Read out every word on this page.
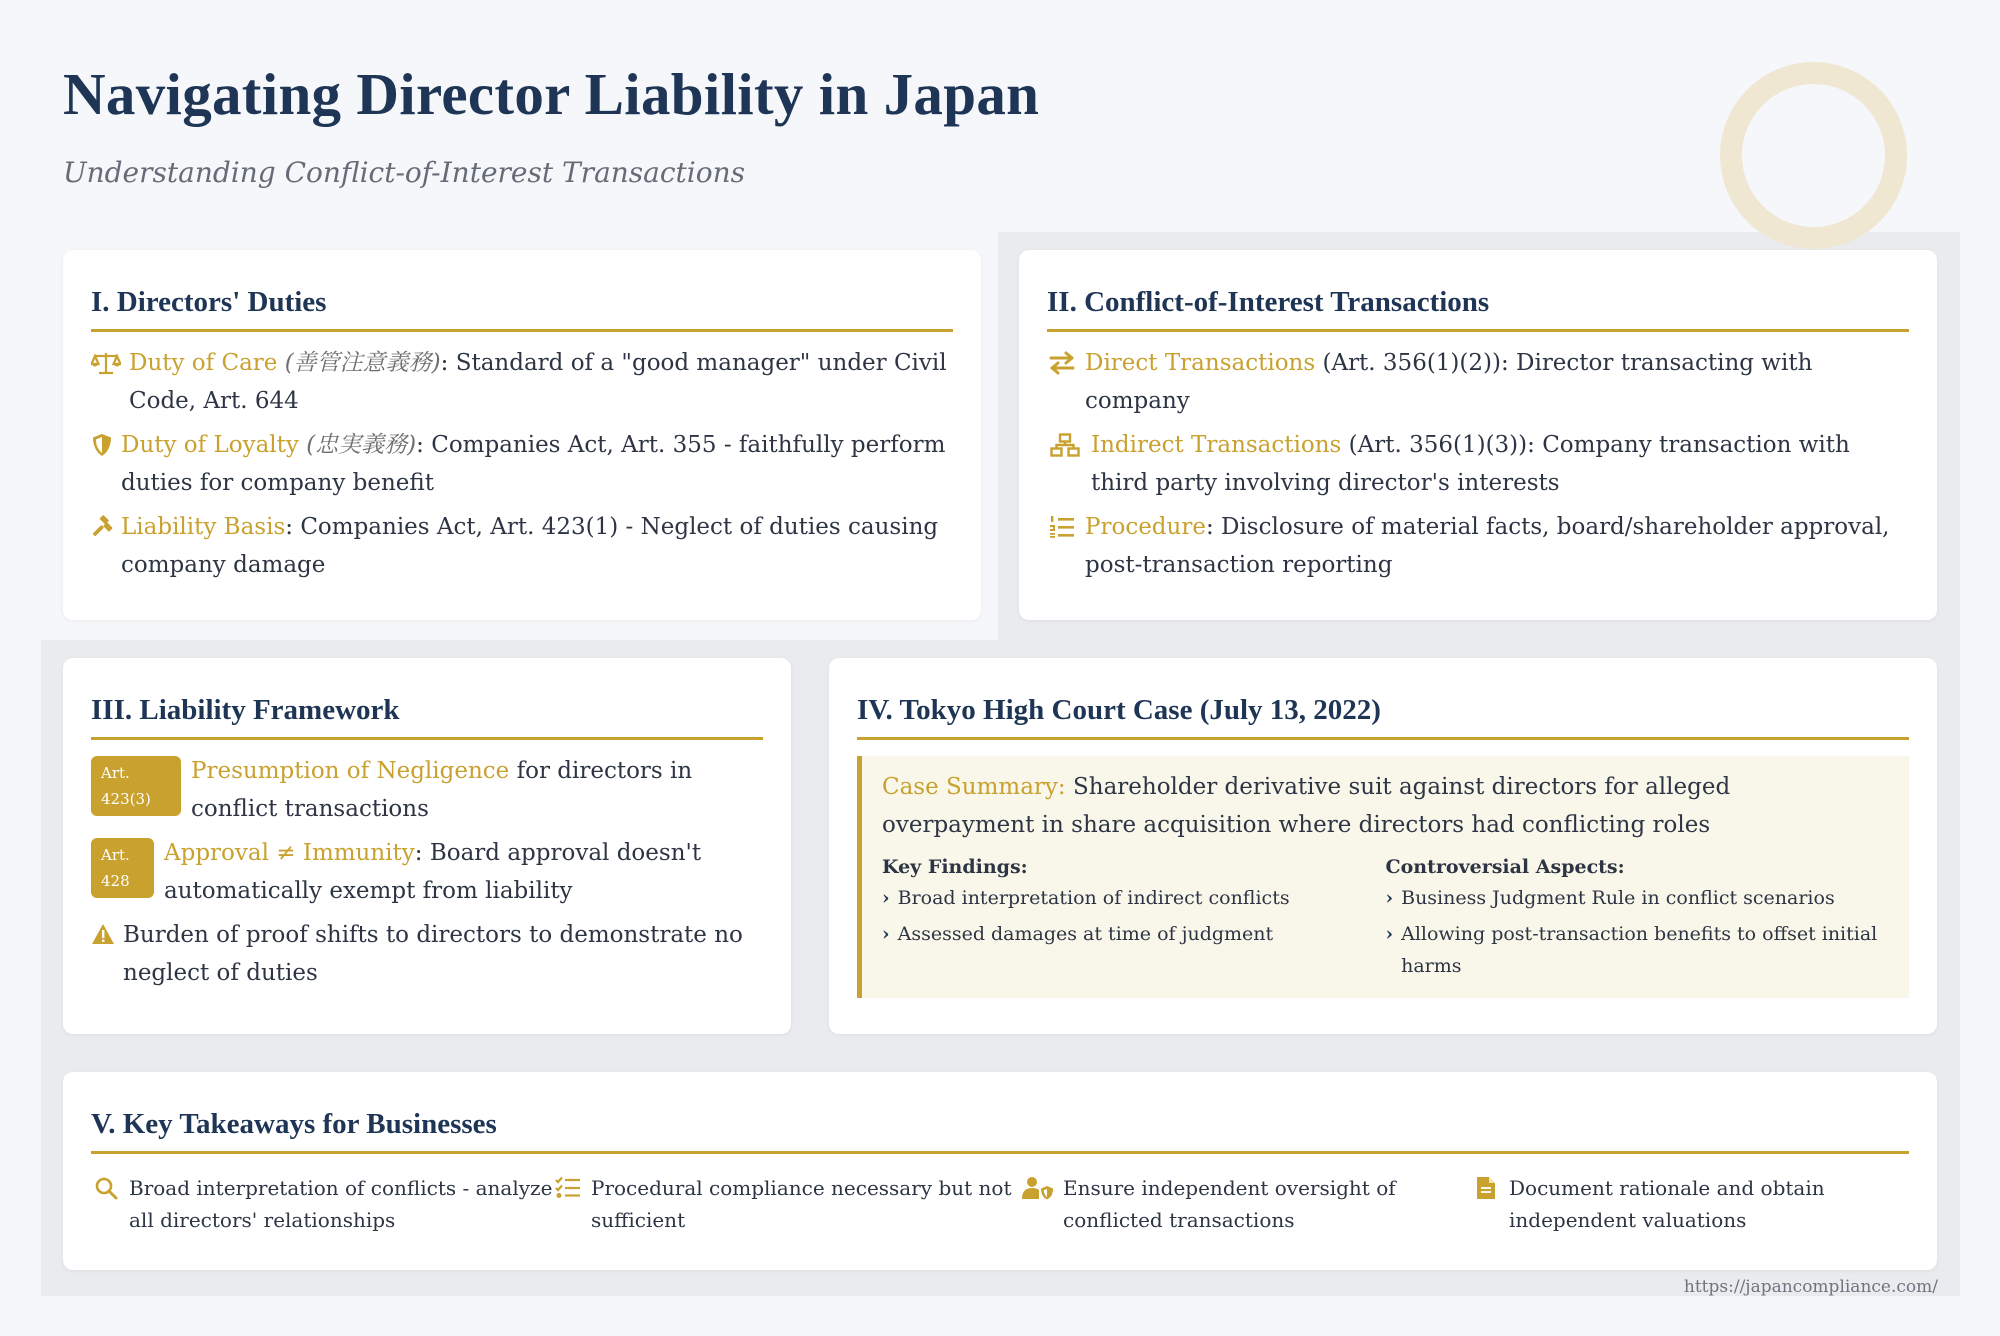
Navigating Director Liability in Japan

Understanding Conflict-of-Interest Transactions

I. Directors' Duties
Duty of Care (善管注意義務): Standard of a "good manager" under Civil Code, Art. 644
Duty of Loyalty (忠実義務): Companies Act, Art. 355 - faithfully perform duties for company benefit
Liability Basis: Companies Act, Art. 423(1) - Neglect of duties causing company damage
II. Conflict-of-Interest Transactions
Direct Transactions (Art. 356(1)(2)): Director transacting with company
Indirect Transactions (Art. 356(1)(3)): Company transaction with third party involving director's interests
Procedure: Disclosure of material facts, board/shareholder approval, post-transaction reporting
III. Liability Framework
Art. 423(3)
Presumption of Negligence for directors in conflict transactions
Art. 428
Approval ≠ Immunity: Board approval doesn't automatically exempt from liability
Burden of proof shifts to directors to demonstrate no neglect of duties
IV. Tokyo High Court Case (July 13, 2022)
Case Summary: Shareholder derivative suit against directors for alleged overpayment in share acquisition where directors had conflicting roles
Key Findings:
› Broad interpretation of indirect conflicts
› Assessed damages at time of judgment
Controversial Aspects:
› Business Judgment Rule in conflict scenarios
› Allowing post-transaction benefits to offset initial harms
V. Key Takeaways for Businesses
Broad interpretation of conflicts - analyze all directors' relationships
Procedural compliance necessary but not sufficient
Ensure independent oversight of conflicted transactions
Document rationale and obtain independent valuations
https://japancompliance.com/
